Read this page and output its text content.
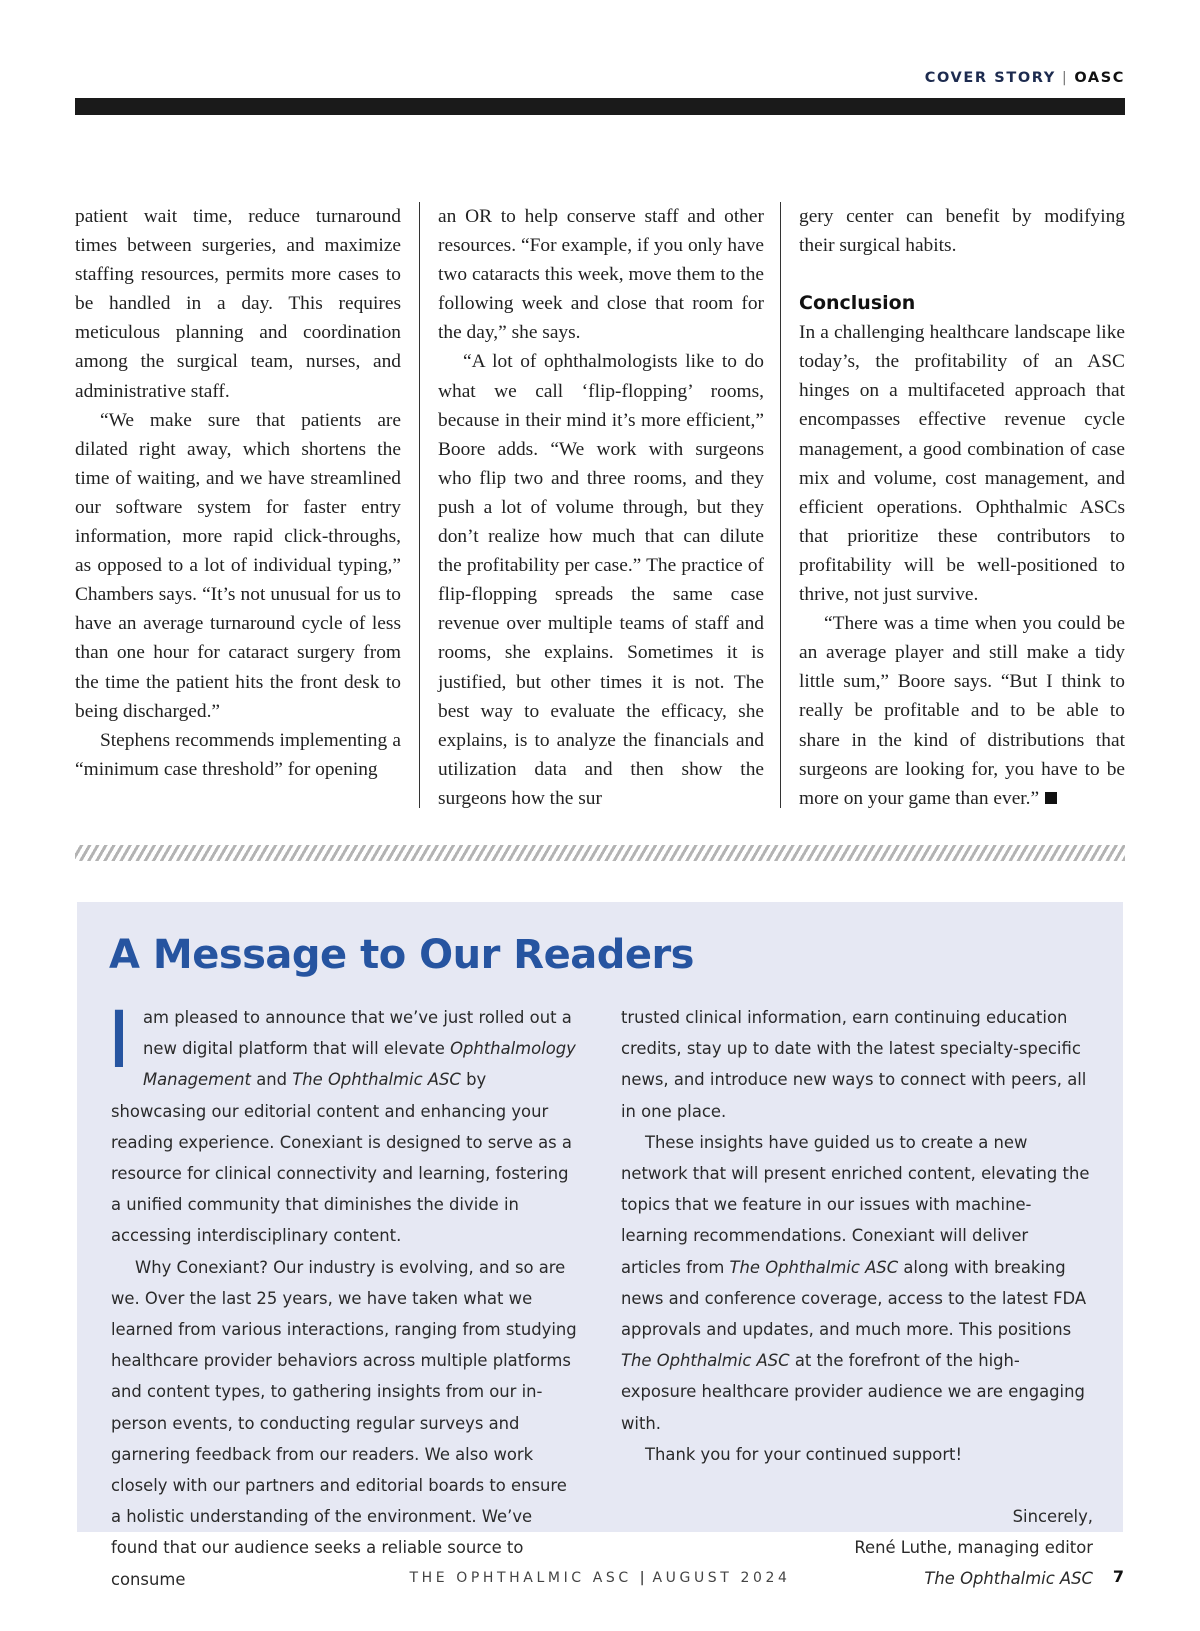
COVER STORY | OASC

patient wait time, reduce turnaround times between surgeries, and maximize staffing resources, permits more cases to be handled in a day. This requires meticulous planning and coordination among the surgical team, nurses, and administrative staff.

“We make sure that patients are dilated right away, which shortens the time of waiting, and we have streamlined our software system for faster entry information, more rapid click-throughs, as opposed to a lot of individual typing,” Chambers says. “It’s not unusual for us to have an average turnaround cycle of less than one hour for cataract surgery from the time the patient hits the front desk to being discharged.”

Stephens recommends implementing a “minimum case threshold” for opening

an OR to help conserve staff and other resources. “For example, if you only have two cataracts this week, move them to the following week and close that room for the day,” she says.

“A lot of ophthalmologists like to do what we call ‘flip-flopping’ rooms, because in their mind it’s more efficient,” Boore adds. “We work with surgeons who flip two and three rooms, and they push a lot of volume through, but they don’t realize how much that can dilute the profitability per case.” The practice of flip-flopping spreads the same case revenue over multiple teams of staff and rooms, she explains. Sometimes it is justified, but other times it is not. The best way to evaluate the efficacy, she explains, is to analyze the financials and utilization data and then show the surgeons how the sur

gery center can benefit by modifying their surgical habits.

Conclusion

In a challenging healthcare landscape like today’s, the profitability of an ASC hinges on a multifaceted approach that encompasses effective revenue cycle management, a good combination of case mix and volume, cost management, and efficient operations. Ophthalmic ASCs that prioritize these contributors to profitability will be well-positioned to thrive, not just survive.

“There was a time when you could be an average player and still make a tidy little sum,” Boore says. “But I think to really be profitable and to be able to share in the kind of distributions that surgeons are looking for, you have to be more on your game than ever.”

A Message to Our Readers

Iam pleased to announce that we’ve just rolled out a new digital platform that will elevate Ophthalmology Management and The Ophthalmic ASC by showcasing our editorial content and enhancing your reading experience. Conexiant is designed to serve as a resource for clinical connectivity and learning, fostering a unified community that diminishes the divide in accessing interdisciplinary content.

Why Conexiant? Our industry is evolving, and so are we. Over the last 25 years, we have taken what we learned from various interactions, ranging from studying healthcare provider behaviors across multiple platforms and content types, to gathering insights from our in-person events, to conducting regular surveys and garnering feedback from our readers. We also work closely with our partners and editorial boards to ensure a holistic understanding of the environment. We’ve found that our audience seeks a reliable source to consume

trusted clinical information, earn continuing education credits, stay up to date with the latest specialty-specific news, and introduce new ways to connect with peers, all in one place.

These insights have guided us to create a new network that will present enriched content, elevating the topics that we feature in our issues with machine-learning recommendations. Conexiant will deliver articles from The Ophthalmic ASC along with breaking news and conference coverage, access to the latest FDA approvals and updates, and much more. This positions The Ophthalmic ASC at the forefront of the high-exposure healthcare provider audience we are engaging with.

Thank you for your continued support!

Sincerely,

René Luthe, managing editor

The Ophthalmic ASC

THE OPHTHALMIC ASC | AUGUST 2024	7
